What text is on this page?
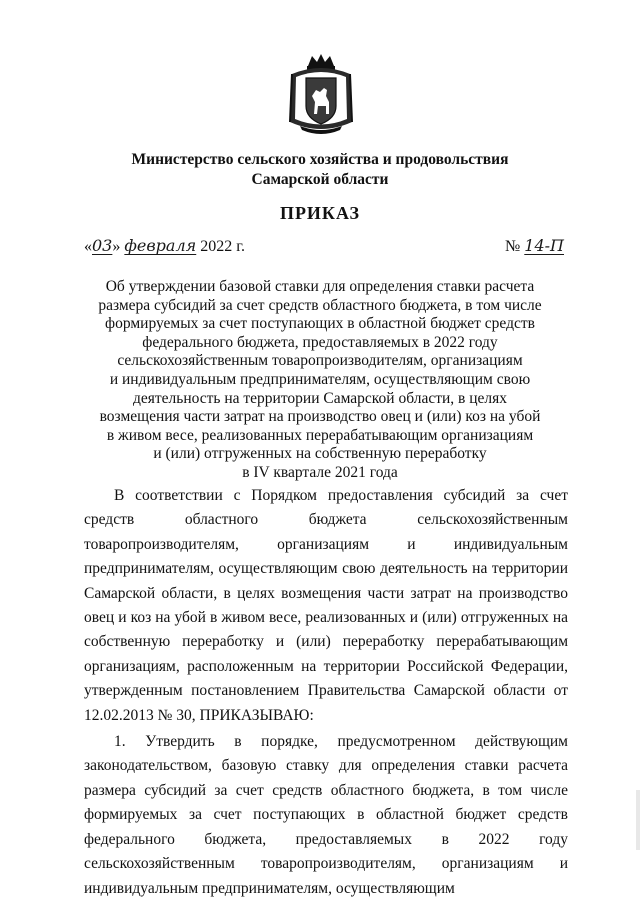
Министерство сельского хозяйства и продовольствия
Самарской области
ПРИКАЗ
«03» февраля 2022 г.	№ 14-П
Об утверждении базовой ставки для определения ставки расчета
размера субсидий за счет средств областного бюджета, в том числе
формируемых за счет поступающих в областной бюджет средств
федерального бюджета, предоставляемых в 2022 году
сельскохозяйственным товаропроизводителям, организациям
и индивидуальным предпринимателям, осуществляющим свою
деятельность на территории Самарской области, в целях
возмещения части затрат на производство овец и (или) коз на убой
в живом весе, реализованных перерабатывающим организациям
и (или) отгруженных на собственную переработку
в IV квартале 2021 года

В соответствии с Порядком предоставления субсидий за счет средств областного бюджета сельскохозяйственным товаропроизводителям, организациям и индивидуальным предпринимателям, осуществляющим свою деятельность на территории Самарской области, в целях возмещения части затрат на производство овец и коз на убой в живом весе, реализованных и (или) отгруженных на собственную переработку и (или) переработку перерабатывающим организациям, расположенным на территории Российской Федерации, утвержденным постановлением Правительства Самарской области от 12.02.2013 № 30, ПРИКАЗЫВАЮ:

1. Утвердить в порядке, предусмотренном действующим законодательством, базовую ставку для определения ставки расчета размера субсидий за счет средств областного бюджета, в том числе формируемых за счет поступающих в областной бюджет средств федерального бюджета, предоставляемых в 2022 году сельскохозяйственным товаропроизводителям, организациям и индивидуальным предпринимателям, осуществляющим
